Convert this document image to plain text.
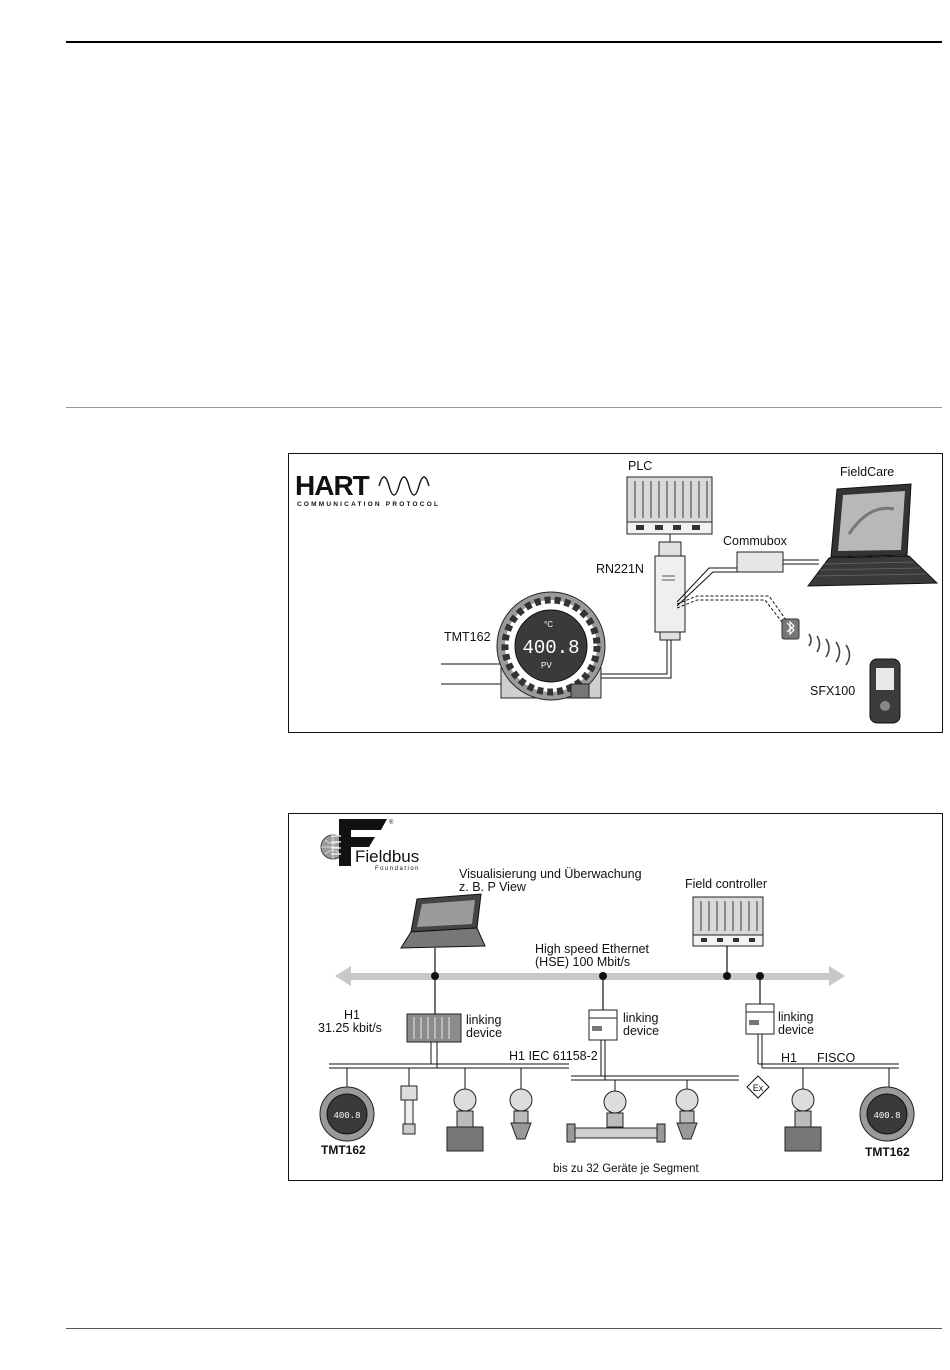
HART
COMMUNICATION PROTOCOL
PLC	FieldCare
Commubox
RN221N
SFX100
°C
400.8
PV
TMT162
®
Fieldbus
Foundation	Visualisierung und Überwachung
z. B. P View	Field controller
High speed Ethernet
(HSE) 100 Mbit/s
linking
device
linking
device
linking
device
H1
31.25 kbit/s
H1 IEC 61158-2	H1 FISCO
Ex
400.8
TMT162
400.8
TMT162
bis zu 32 Geräte je Segment
